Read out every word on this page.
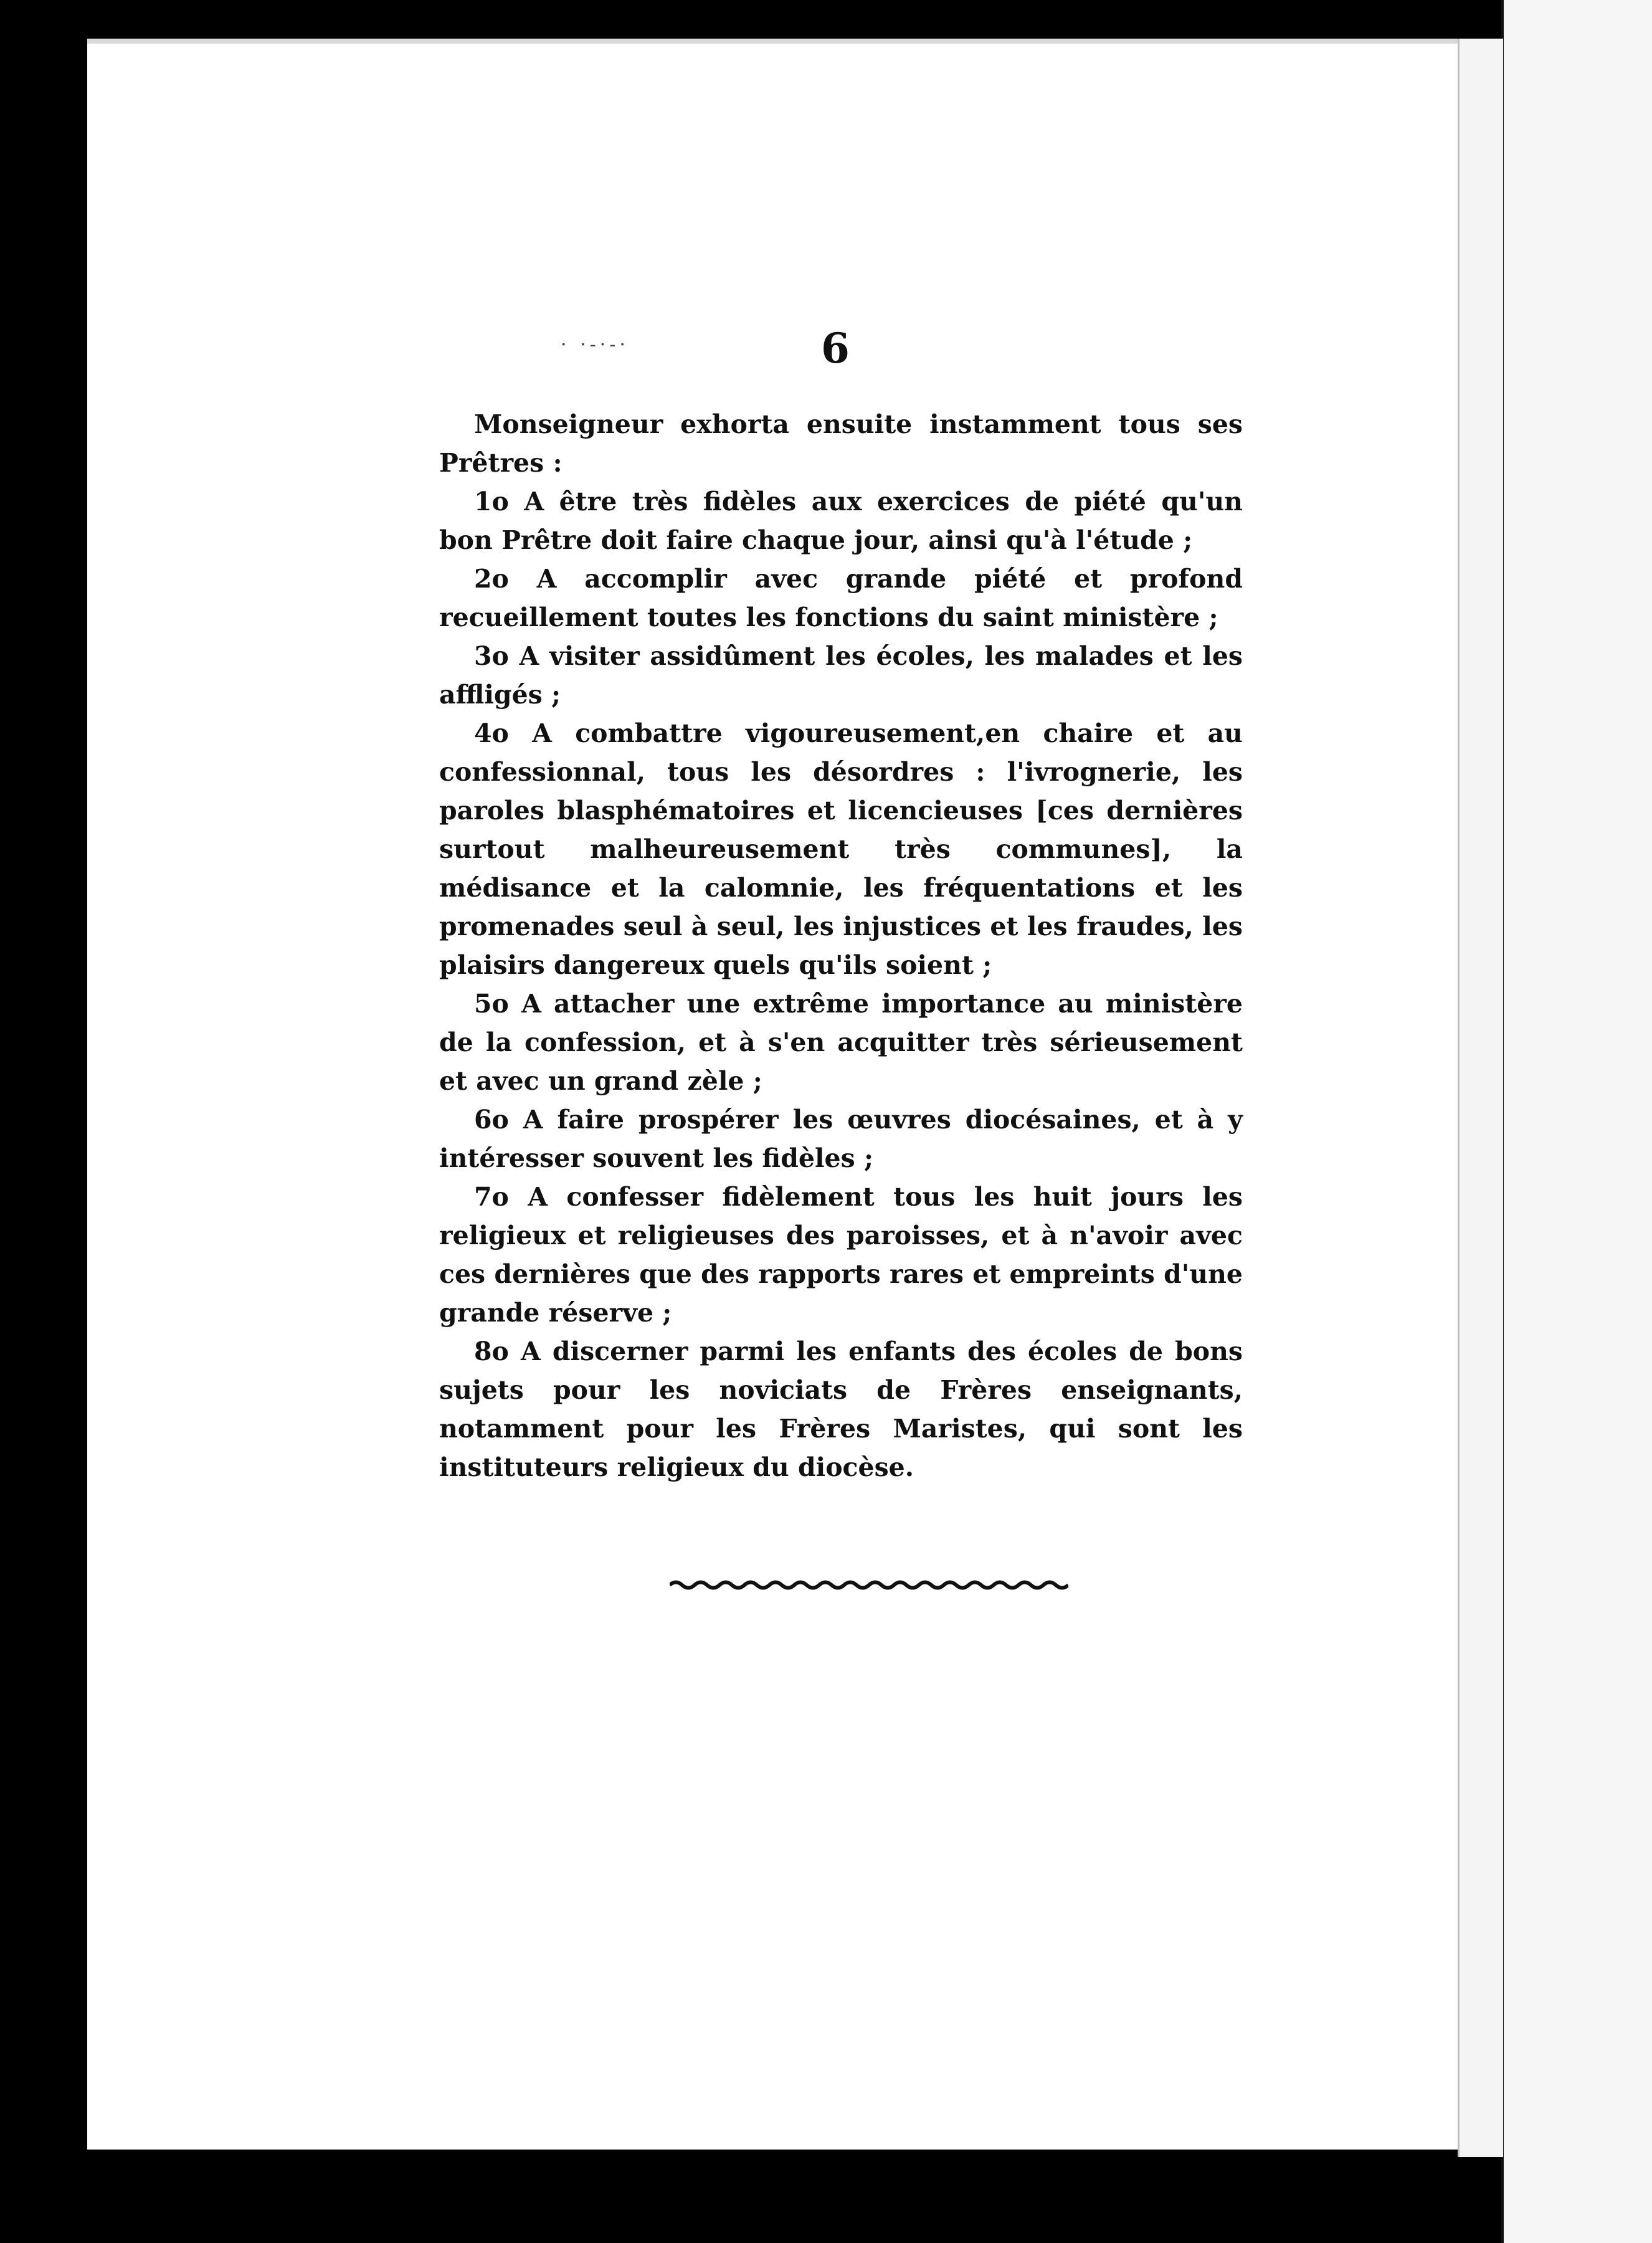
· ·-·-·	6

Monseigneur exhorta ensuite instamment tous ses Prêtres :

1o A être très fidèles aux exercices de piété qu'un bon Prêtre doit faire chaque jour, ainsi qu'à l'étude ;

2o A accomplir avec grande piété et profond recueillement toutes les fonctions du saint ministère ;

3o A visiter assidûment les écoles, les malades et les affligés ;

4o A combattre vigoureusement,en chaire et au confessionnal, tous les désordres : l'ivrognerie, les paroles blasphématoires et licencieuses [ces dernières surtout malheureusement très communes], la médisance et la calomnie, les fréquentations et les promenades seul à seul, les injustices et les fraudes, les plaisirs dangereux quels qu'ils soient ;

5o A attacher une extrême importance au ministère de la confession, et à s'en acquitter très sérieusement et avec un grand zèle ;

6o A faire prospérer les œuvres diocésaines, et à y intéresser souvent les fidèles ;

7o A confesser fidèlement tous les huit jours les religieux et religieuses des paroisses, et à n'avoir avec ces dernières que des rapports rares et empreints d'une grande réserve ;

8o A discerner parmi les enfants des écoles de bons sujets pour les noviciats de Frères enseignants, notamment pour les Frères Maristes, qui sont les instituteurs religieux du diocèse.
